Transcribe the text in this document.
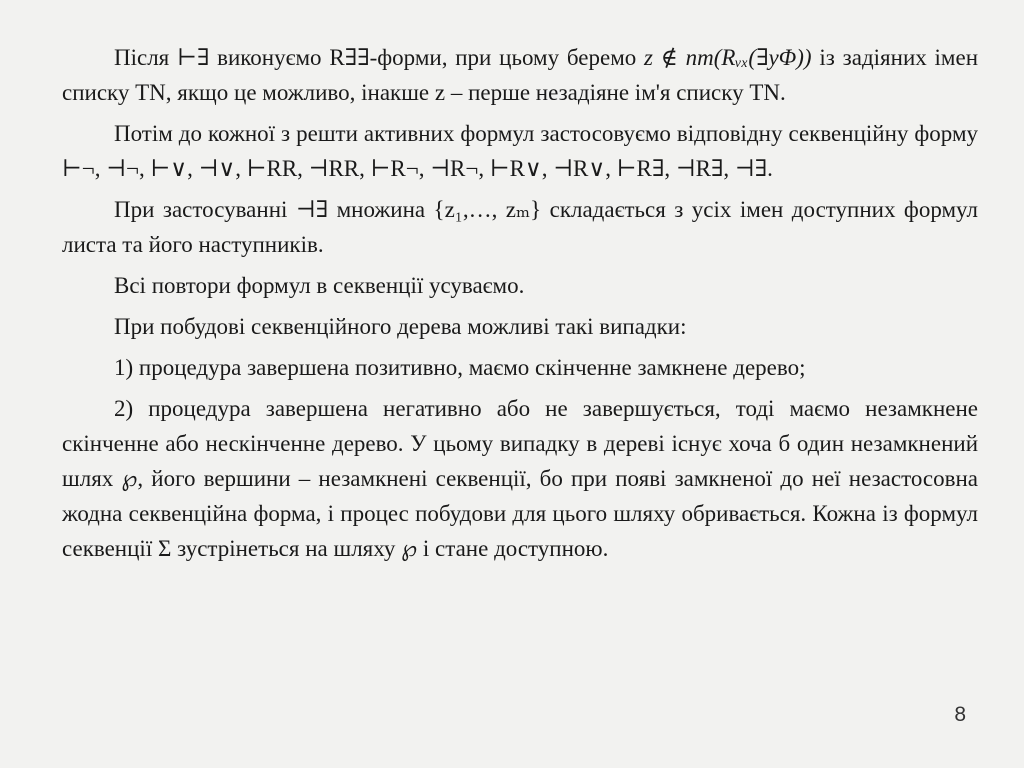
Після ⊢∃ виконуємо R∃∃-форми, при цьому беремо z ∉ nm(Rᵥₓ(∃yΦ)) із задіяних імен списку TN, якщо це можливо, інакше z – перше незадіяне ім'я списку TN.

Потім до кожної з решти активних формул застосовуємо відповідну секвенційну форму ⊢¬, ⊣¬, ⊢∨, ⊣∨, ⊢RR, ⊣RR, ⊢R¬, ⊣R¬, ⊢R∨, ⊣R∨, ⊢R∃, ⊣R∃, ⊣∃.

При застосуванні ⊣∃ множина {z₁,…, zₘ} складається з усіх імен доступних формул листа та його наступників.

Всі повтори формул в секвенції усуваємо.

При побудові секвенційного дерева можливі такі випадки:

1) процедура завершена позитивно, маємо скінченне замкнене дерево;

2) процедура завершена негативно або не завершується, тоді маємо незамкнене скінченне або нескінченне дерево. У цьому випадку в дереві існує хоча б один незамкнений шлях ℘, його вершини – незамкнені секвенції, бо при появі замкненої до неї незастосовна жодна секвенційна форма, і процес побудови для цього шляху обривається. Кожна із формул секвенції Σ зустрінеться на шляху ℘ і стане доступною.

8
